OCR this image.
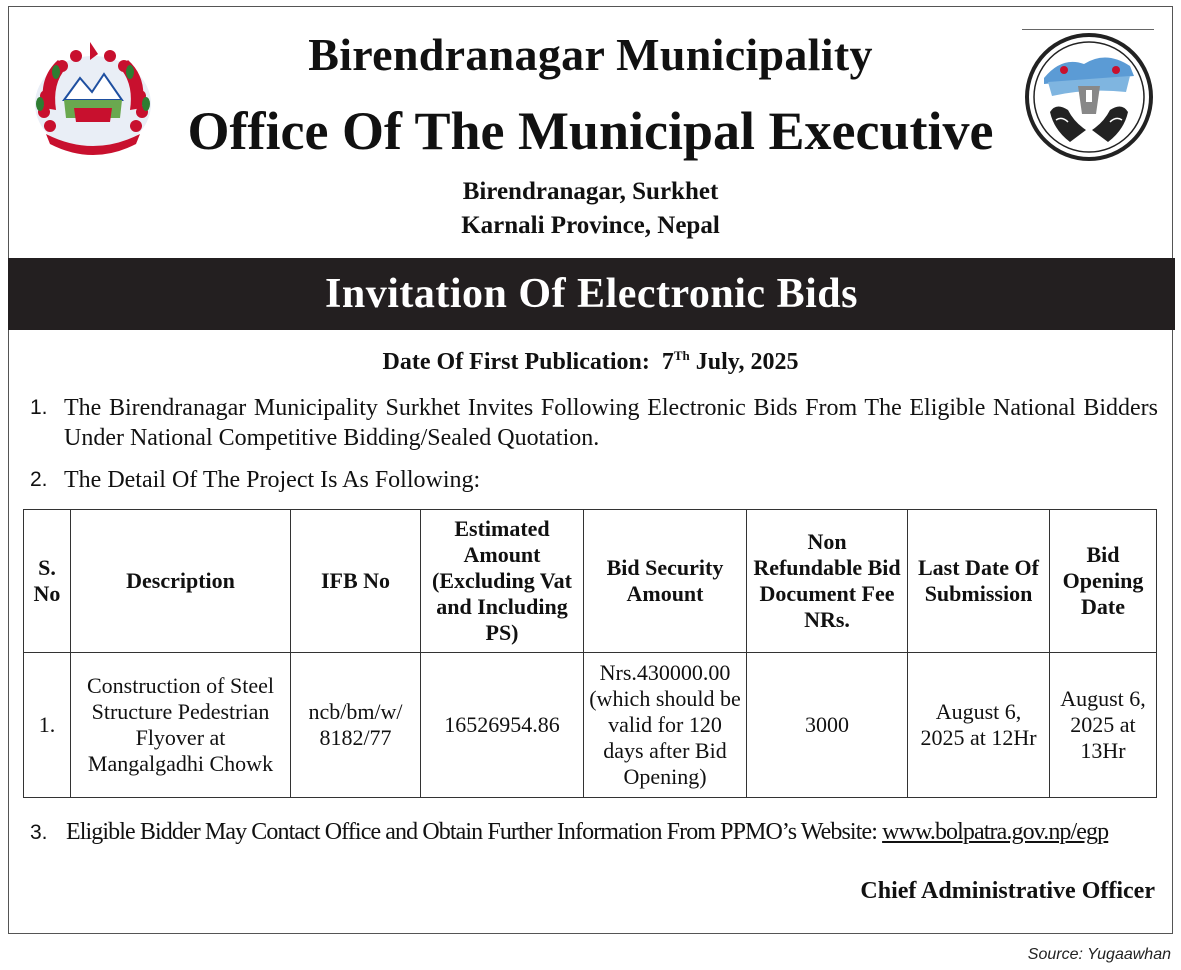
Birendranagar Municipality
Office Of The Municipal Executive
Birendranagar, Surkhet
Karnali Province, Nepal
Invitation Of Electronic Bids
Date Of First Publication: 7Th July, 2025
1. The Birendranagar Municipality Surkhet Invites Following Electronic Bids From The Eligible National Bidders Under National Competitive Bidding/Sealed Quotation.
2. The Detail Of The Project Is As Following:
S. No	Description	IFB No	Estimated Amount (Excluding Vat and Including PS)	Bid Security Amount	Non Refundable Bid Document Fee NRs.	Last Date Of Submission	Bid Opening Date
1.	Construction of Steel Structure Pedestrian Flyover at Mangalgadhi Chowk	ncb/bm/w/ 8182/77	16526954.86	Nrs.430000.00 (which should be valid for 120 days after Bid Opening)	3000	August 6, 2025 at 12Hr	August 6, 2025 at 13Hr
3. Eligible Bidder May Contact Office and Obtain Further Information From PPMO’s Website: www.bolpatra.gov.np/egp
Chief Administrative Officer
Source: Yugaawhan
